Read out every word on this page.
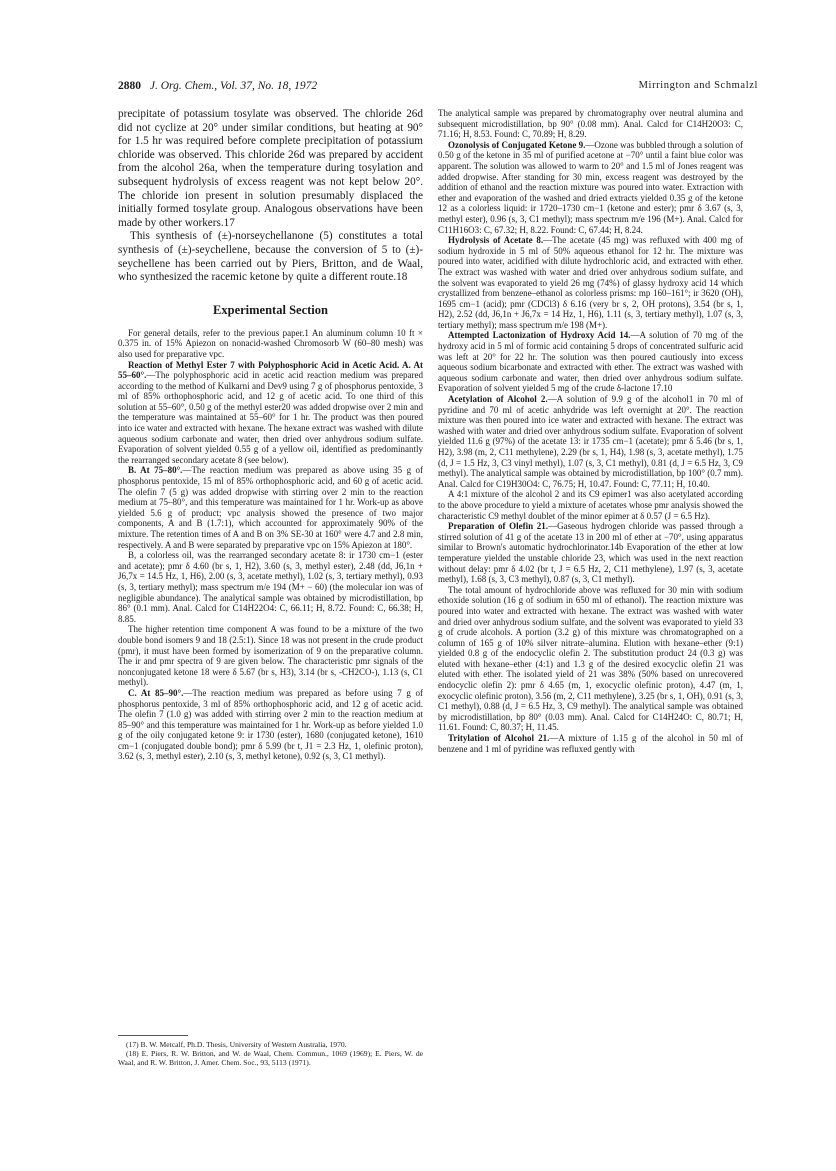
2880 J. Org. Chem., Vol. 37, No. 18, 1972	Mirrington and Schmalzl

precipitate of potassium tosylate was observed. The chloride 26d did not cyclize at 20° under similar conditions, but heating at 90° for 1.5 hr was required before complete precipitation of potassium chloride was observed. This chloride 26d was prepared by accident from the alcohol 26a, when the temperature during tosylation and subsequent hydrolysis of excess reagent was not kept below 20°. The chloride ion present in solution presumably displaced the initially formed tosylate group. Analogous observations have been made by other workers.17

This synthesis of (±)-norseychellanone (5) constitutes a total synthesis of (±)-seychellene, because the conversion of 5 to (±)-seychellene has been carried out by Piers, Britton, and de Waal, who synthesized the racemic ketone by quite a different route.18

Experimental Section

For general details, refer to the previous paper.1 An aluminum column 10 ft × 0.375 in. of 15% Apiezon on nonacid-washed Chromosorb W (60–80 mesh) was also used for preparative vpc.

Reaction of Methyl Ester 7 with Polyphosphoric Acid in Acetic Acid. A. At 55–60°.—The polyphosphoric acid in acetic acid reaction medium was prepared according to the method of Kulkarni and Dev9 using 7 g of phosphorus pentoxide, 3 ml of 85% orthophosphoric acid, and 12 g of acetic acid. To one third of this solution at 55–60°, 0.50 g of the methyl ester20 was added dropwise over 2 min and the temperature was maintained at 55–60° for 1 hr. The product was then poured into ice water and extracted with hexane. The hexane extract was washed with dilute aqueous sodium carbonate and water, then dried over anhydrous sodium sulfate. Evaporation of solvent yielded 0.55 g of a yellow oil, identified as predominantly the rearranged secondary acetate 8 (see below).

B. At 75–80°.—The reaction medium was prepared as above using 35 g of phosphorus pentoxide, 15 ml of 85% orthophosphoric acid, and 60 g of acetic acid. The olefin 7 (5 g) was added dropwise with stirring over 2 min to the reaction medium at 75–80°, and this temperature was maintained for 1 hr. Work-up as above yielded 5.6 g of product; vpc analysis showed the presence of two major components, A and B (1.7:1), which accounted for approximately 90% of the mixture. The retention times of A and B on 3% SE-30 at 160° were 4.7 and 2.8 min, respectively. A and B were separated by preparative vpc on 15% Apiezon at 180°.

B, a colorless oil, was the rearranged secondary acetate 8: ir 1730 cm−1 (ester and acetate); pmr δ 4.60 (br s, 1, H2), 3.60 (s, 3, methyl ester), 2.48 (dd, J6,1n + J6,7x = 14.5 Hz, 1, H6), 2.00 (s, 3, acetate methyl), 1.02 (s, 3, tertiary methyl), 0.93 (s, 3, tertiary methyl); mass spectrum m/e 194 (M+ − 60) (the molecular ion was of negligible abundance). The analytical sample was obtained by microdistillation, bp 86° (0.1 mm). Anal. Calcd for C14H22O4: C, 66.11; H, 8.72. Found: C, 66.38; H, 8.85.

The higher retention time component A was found to be a mixture of the two double bond isomers 9 and 18 (2.5:1). Since 18 was not present in the crude product (pmr), it must have been formed by isomerization of 9 on the preparative column. The ir and pmr spectra of 9 are given below. The characteristic pmr signals of the nonconjugated ketone 18 were δ 5.67 (br s, H3), 3.14 (br s, -CH2CO-), 1.13 (s, C1 methyl).

C. At 85–90°.—The reaction medium was prepared as before using 7 g of phosphorus pentoxide, 3 ml of 85% orthophosphoric acid, and 12 g of acetic acid. The olefin 7 (1.0 g) was added with stirring over 2 min to the reaction medium at 85–90° and this temperature was maintained for 1 hr. Work-up as before yielded 1.0 g of the oily conjugated ketone 9: ir 1730 (ester), 1680 (conjugated ketone), 1610 cm−1 (conjugated double bond); pmr δ 5.99 (br t, J1 = 2.3 Hz, 1, olefinic proton), 3.62 (s, 3, methyl ester), 2.10 (s, 3, methyl ketone), 0.92 (s, 3, C1 methyl).

(17) B. W. Metcalf, Ph.D. Thesis, University of Western Australia, 1970.

(18) E. Piers, R. W. Britton, and W. de Waal, Chem. Commun., 1069 (1969); E. Piers, W. de Waal, and R. W. Britton, J. Amer. Chem. Soc., 93, 5113 (1971).

The analytical sample was prepared by chromatography over neutral alumina and subsequent microdistillation, bp 90° (0.08 mm). Anal. Calcd for C14H20O3: C, 71.16; H, 8.53. Found: C, 70.89; H, 8.29.

Ozonolysis of Conjugated Ketone 9.—Ozone was bubbled through a solution of 0.50 g of the ketone in 35 ml of purified acetone at −70° until a faint blue color was apparent. The solution was allowed to warm to 20° and 1.5 ml of Jones reagent was added dropwise. After standing for 30 min, excess reagent was destroyed by the addition of ethanol and the reaction mixture was poured into water. Extraction with ether and evaporation of the washed and dried extracts yielded 0.35 g of the ketone 12 as a colorless liquid: ir 1720–1730 cm−1 (ketone and ester); pmr δ 3.67 (s, 3, methyl ester), 0.96 (s, 3, C1 methyl); mass spectrum m/e 196 (M+). Anal. Calcd for C11H16O3: C, 67.32; H, 8.22. Found: C, 67.44; H, 8.24.

Hydrolysis of Acetate 8.—The acetate (45 mg) was refluxed with 400 mg of sodium hydroxide in 5 ml of 50% aqueous ethanol for 12 hr. The mixture was poured into water, acidified with dilute hydrochloric acid, and extracted with ether. The extract was washed with water and dried over anhydrous sodium sulfate, and the solvent was evaporated to yield 26 mg (74%) of glassy hydroxy acid 14 which crystallized from benzene–ethanol as colorless prisms: mp 160–161°; ir 3620 (OH), 1695 cm−1 (acid); pmr (CDCl3) δ 6.16 (very br s, 2, OH protons), 3.54 (br s, 1, H2), 2.52 (dd, J6,1n + J6,7x = 14 Hz, 1, H6), 1.11 (s, 3, tertiary methyl), 1.07 (s, 3, tertiary methyl); mass spectrum m/e 198 (M+).

Attempted Lactonization of Hydroxy Acid 14.—A solution of 70 mg of the hydroxy acid in 5 ml of formic acid containing 5 drops of concentrated sulfuric acid was left at 20° for 22 hr. The solution was then poured cautiously into excess aqueous sodium bicarbonate and extracted with ether. The extract was washed with aqueous sodium carbonate and water, then dried over anhydrous sodium sulfate. Evaporation of solvent yielded 5 mg of the crude δ-lactone 17.10

Acetylation of Alcohol 2.—A solution of 9.9 g of the alcohol1 in 70 ml of pyridine and 70 ml of acetic anhydride was left overnight at 20°. The reaction mixture was then poured into ice water and extracted with hexane. The extract was washed with water and dried over anhydrous sodium sulfate. Evaporation of solvent yielded 11.6 g (97%) of the acetate 13: ir 1735 cm−1 (acetate); pmr δ 5.46 (br s, 1, H2), 3.98 (m, 2, C11 methylene), 2.29 (br s, 1, H4), 1.98 (s, 3, acetate methyl), 1.75 (d, J = 1.5 Hz, 3, C3 vinyl methyl), 1.07 (s, 3, C1 methyl), 0.81 (d, J = 6.5 Hz, 3, C9 methyl). The analytical sample was obtained by microdistillation, bp 100° (0.7 mm). Anal. Calcd for C19H30O4: C, 76.75; H, 10.47. Found: C, 77.11; H, 10.40.

A 4:1 mixture of the alcohol 2 and its C9 epimer1 was also acetylated according to the above procedure to yield a mixture of acetates whose pmr analysis showed the characteristic C9 methyl doublet of the minor epimer at δ 0.57 (J = 6.5 Hz).

Preparation of Olefin 21.—Gaseous hydrogen chloride was passed through a stirred solution of 41 g of the acetate 13 in 200 ml of ether at −70°, using apparatus similar to Brown's automatic hydrochlorinator.14b Evaporation of the ether at low temperature yielded the unstable chloride 23, which was used in the next reaction without delay: pmr δ 4.02 (br t, J = 6.5 Hz, 2, C11 methylene), 1.97 (s, 3, acetate methyl), 1.68 (s, 3, C3 methyl), 0.87 (s, 3, C1 methyl).

The total amount of hydrochloride above was refluxed for 30 min with sodium ethoxide solution (16 g of sodium in 650 ml of ethanol). The reaction mixture was poured into water and extracted with hexane. The extract was washed with water and dried over anhydrous sodium sulfate, and the solvent was evaporated to yield 33 g of crude alcohols. A portion (3.2 g) of this mixture was chromatographed on a column of 165 g of 10% silver nitrate–alumina. Elution with hexane–ether (9:1) yielded 0.8 g of the endocyclic olefin 2. The substitution product 24 (0.3 g) was eluted with hexane–ether (4:1) and 1.3 g of the desired exocyclic olefin 21 was eluted with ether. The isolated yield of 21 was 38% (50% based on unrecovered endocyclic olefin 2): pmr δ 4.65 (m, 1, exocyclic olefinic proton), 4.47 (m, 1, exocyclic olefinic proton), 3.56 (m, 2, C11 methylene), 3.25 (br s, 1, OH), 0.91 (s, 3, C1 methyl), 0.88 (d, J = 6.5 Hz, 3, C9 methyl). The analytical sample was obtained by microdistillation, bp 80° (0.03 mm). Anal. Calcd for C14H24O: C, 80.71; H, 11.61. Found: C, 80.37; H, 11.45.

Tritylation of Alcohol 21.—A mixture of 1.15 g of the alcohol in 50 ml of benzene and 1 ml of pyridine was refluxed gently with
